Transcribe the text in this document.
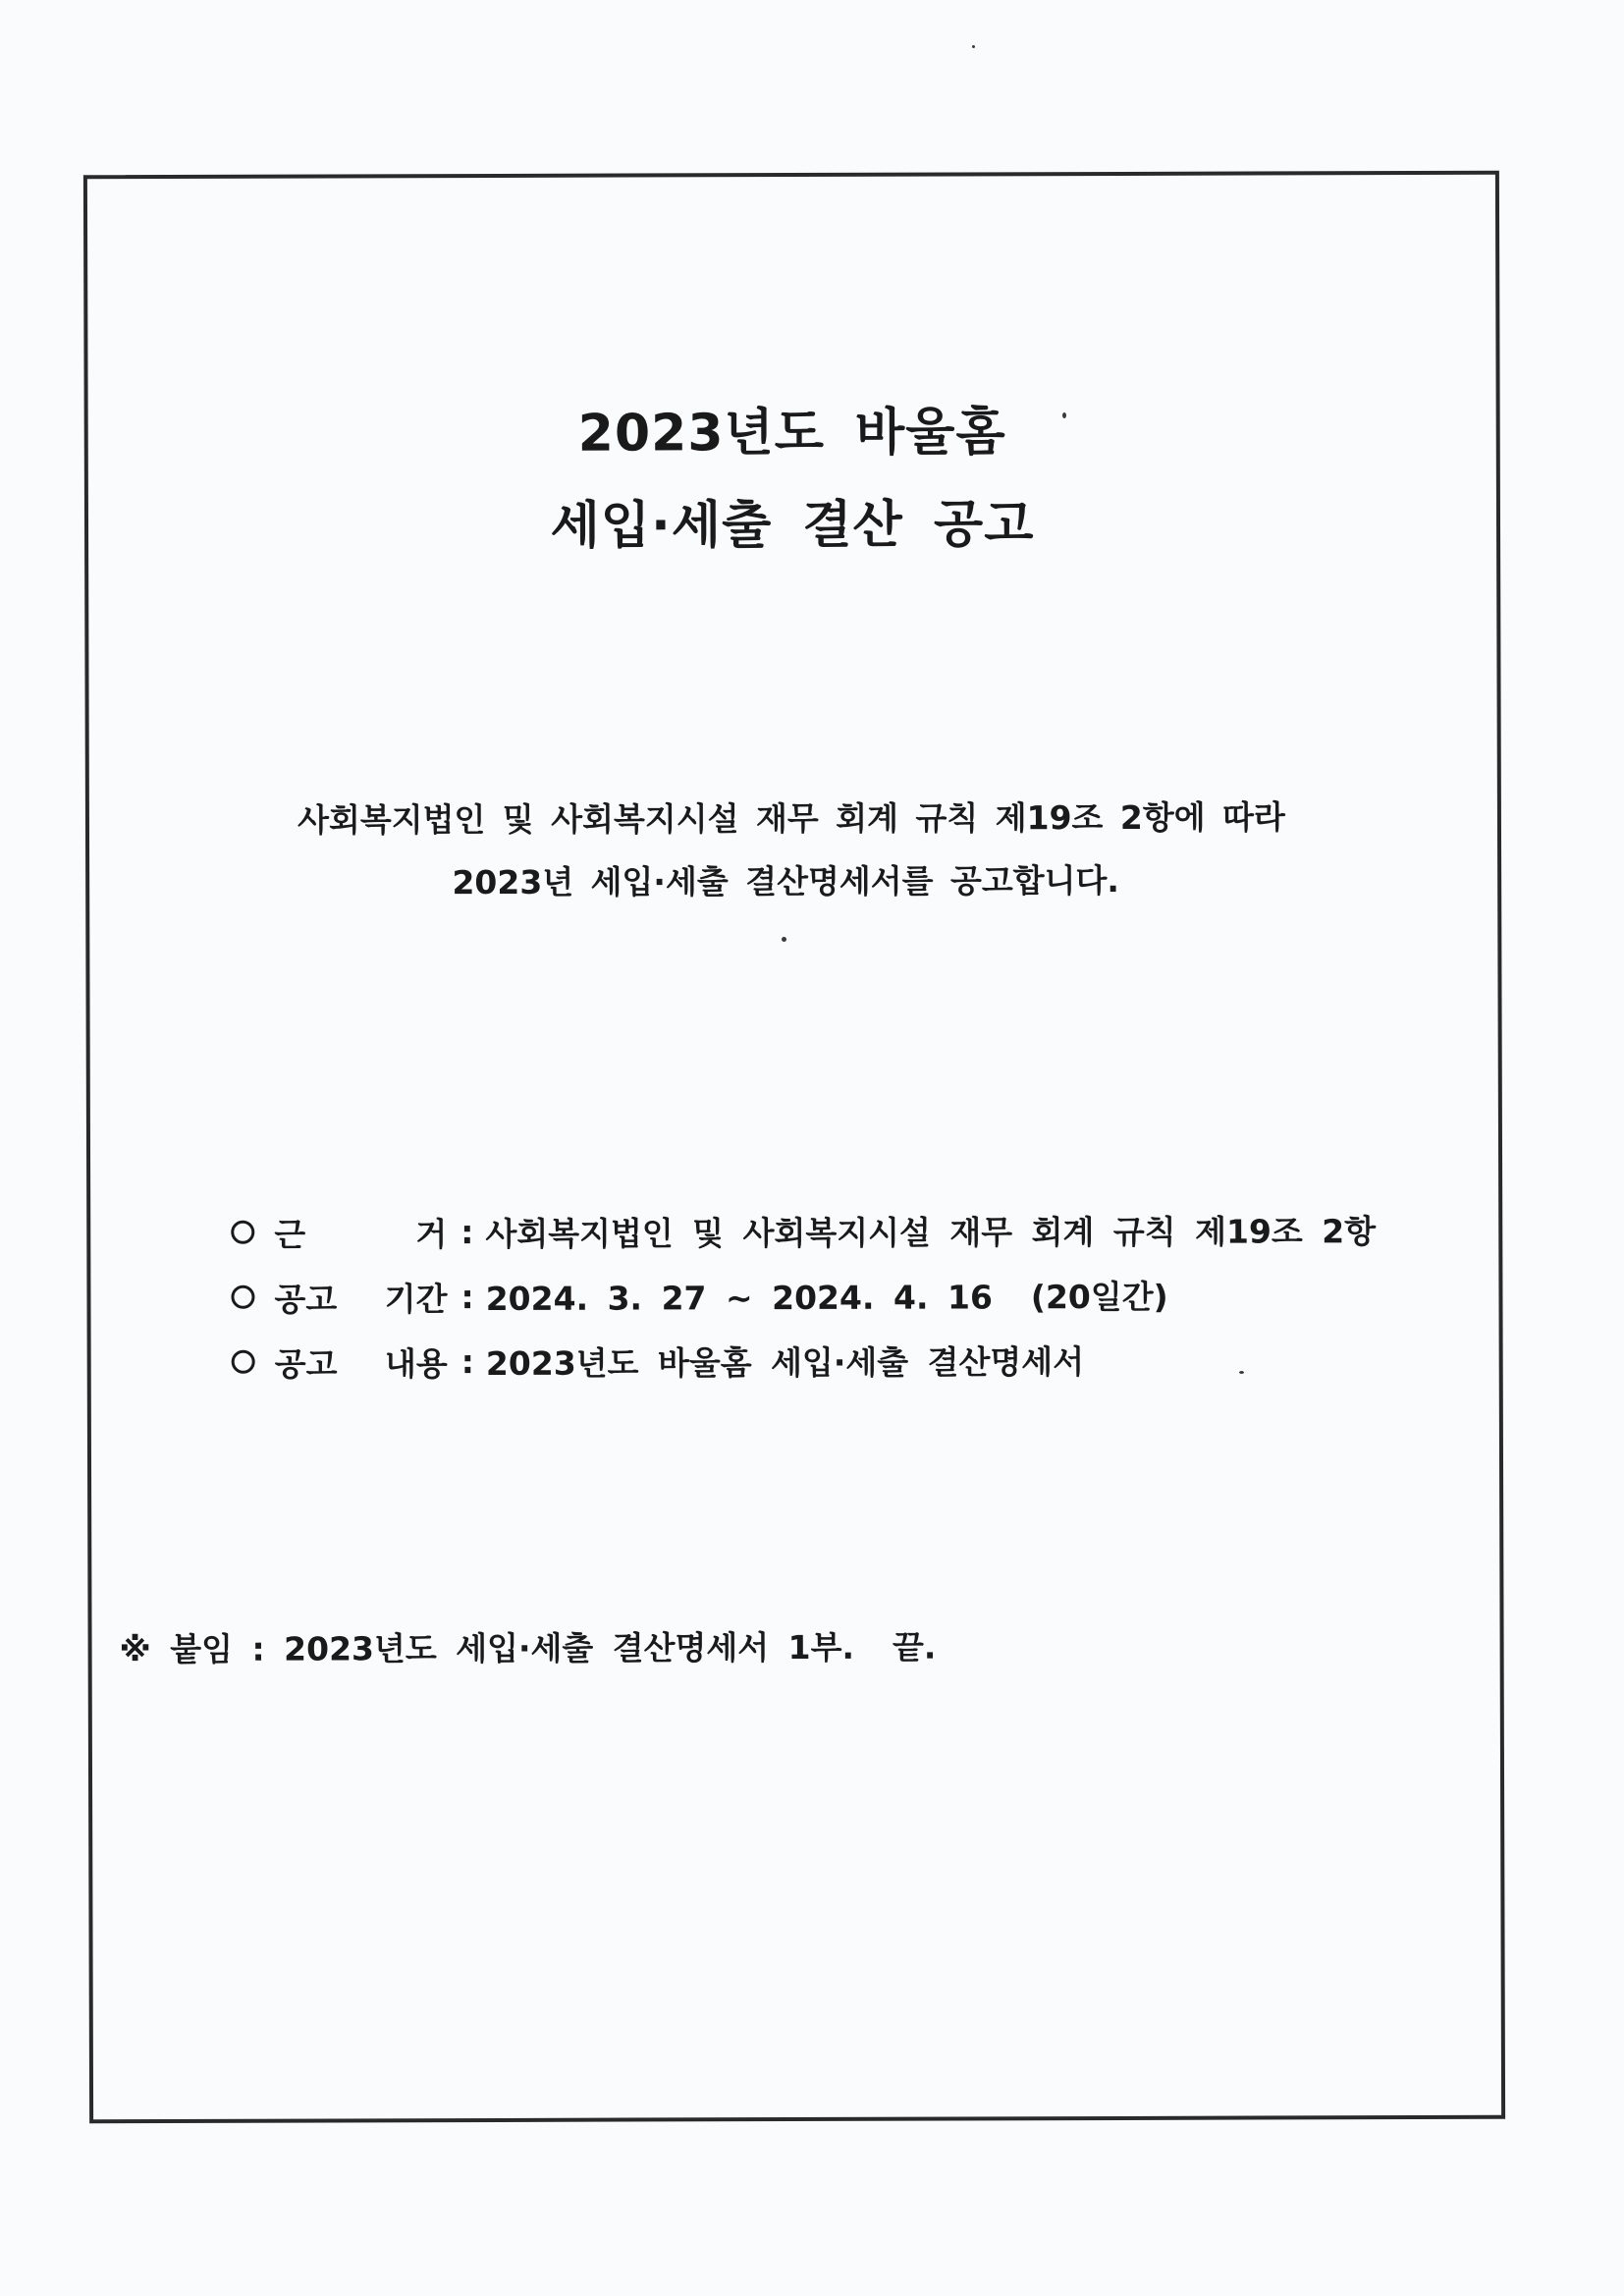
2023년도 바울홈
세입·세출 결산 공고
사회복지법인 및 사회복지시설 재무 회계 규칙 제19조 2항에 따라
2023년 세입·세출 결산명세서를 공고합니다.
근 거 : 사회복지법인 및 사회복지시설 재무 회계 규칙 제19조 2항
공고 기간 : 2024. 3. 27 ~ 2024. 4. 16  (20일간)
공고 내용 : 2023년도 바울홈 세입·세출 결산명세서
※ 붙임 : 2023년도 세입·세출 결산명세서 1부.  끝.
